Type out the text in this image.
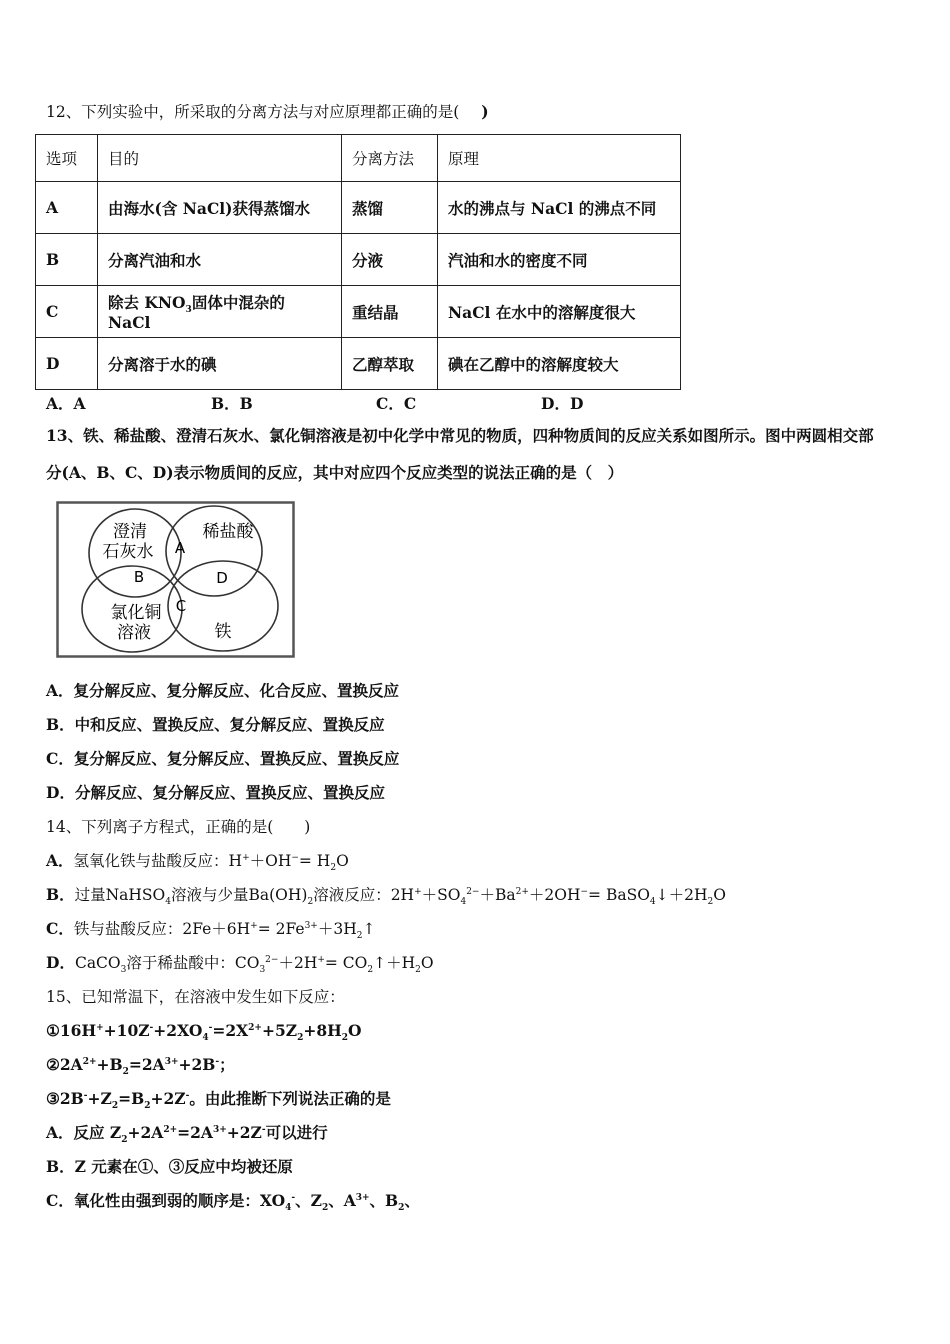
12、下列实验中，所采取的分离方法与对应原理都正确的是( )
选项	目的	分离方法	原理
A	由海水(含 NaCl)获得蒸馏水	蒸馏	水的沸点与 NaCl 的沸点不同
B	分离汽油和水	分液	汽油和水的密度不同
C	除去 $KNO_3$固体中混杂的 NaCl	重结晶	NaCl 在水中的溶解度很大
D	分离溶于水的碘	乙醇萃取	碘在乙醇中的溶解度较大
A．A	B．B	C．C	D．D
13、铁、稀盐酸、澄清石灰水、氯化铜溶液是初中化学中常见的物质，四种物质间的反应关系如图所示。图中两圆相交部
分(A、B、C、D)表示物质间的反应，其中对应四个反应类型的说法正确的是（　）
澄清
石灰水
稀盐酸
氯化铜
溶液	铁
A
B
C
D
A．复分解反应、复分解反应、化合反应、置换反应
B．中和反应、置换反应、复分解反应、置换反应
C．复分解反应、复分解反应、置换反应、置换反应
D．分解反应、复分解反应、置换反应、置换反应
14、下列离子方程式，正确的是(　　)
A．氢氧化铁与盐酸反应：$H^++OH^-= H_2O$
B．过量NaHSO$_4$溶液与少量$Ba(OH)_2$溶液反应：$2H^++SO_4^{2-}+Ba^{2+}+2OH^-=$ $BaSO_4↓+2H_2O$
C．铁与盐酸反应：$2Fe+6H^+= 2Fe^{3+}+3H_2↑$
D．CaCO$_3$溶于稀盐酸中：$CO_3^{2-}+2H^+=$ $CO_2↑+H_2O$
15、已知常温下，在溶液中发生如下反应：
$①16H^++10Z^-+2XO_4^-=2X^{2+}+5Z_2+8H_2O$
$②2A^{2+}+B_2=2A^{3+}+2B^-$；
$③2B^-+Z_2=B_2+2Z^-$。由此推断下列说法正确的是
A．反应 $Z_2+2A^{2+}=2A^{3+}+2Z^-$可以进行
B．Z 元素在①、③反应中均被还原
C．氧化性由强到弱的顺序是：$XO_4^-$、$Z_2$、$A^{3+}$、$B_2$、
